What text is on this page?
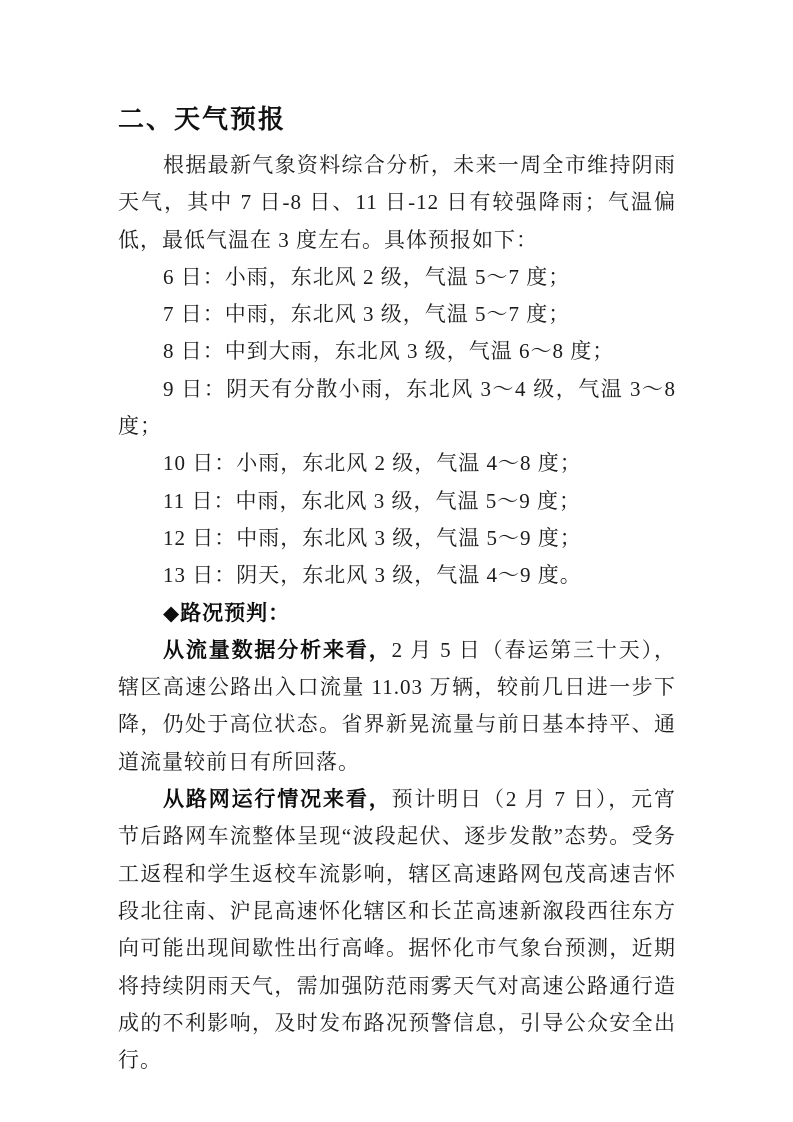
二、天气预报

根据最新气象资料综合分析，未来一周全市维持阴雨天气，其中 7 日-8 日、11 日-12 日有较强降雨；气温偏低，最低气温在 3 度左右。具体预报如下：

6 日：小雨，东北风 2 级，气温 5～7 度；

7 日：中雨，东北风 3 级，气温 5～7 度；

8 日：中到大雨，东北风 3 级，气温 6～8 度；

9 日：阴天有分散小雨，东北风 3～4 级，气温 3～8 度；

10 日：小雨，东北风 2 级，气温 4～8 度；

11 日：中雨，东北风 3 级，气温 5～9 度；

12 日：中雨，东北风 3 级，气温 5～9 度；

13 日：阴天，东北风 3 级，气温 4～9 度。

◆路况预判：

从流量数据分析来看，2 月 5 日（春运第三十天），辖区高速公路出入口流量 11.03 万辆，较前几日进一步下降，仍处于高位状态。省界新晃流量与前日基本持平、通道流量较前日有所回落。

从路网运行情况来看，预计明日（2 月 7 日），元宵节后路网车流整体呈现“波段起伏、逐步发散”态势。受务工返程和学生返校车流影响，辖区高速路网包茂高速吉怀段北往南、沪昆高速怀化辖区和长芷高速新溆段西往东方向可能出现间歇性出行高峰。据怀化市气象台预测，近期将持续阴雨天气，需加强防范雨雾天气对高速公路通行造成的不利影响，及时发布路况预警信息，引导公众安全出行。
